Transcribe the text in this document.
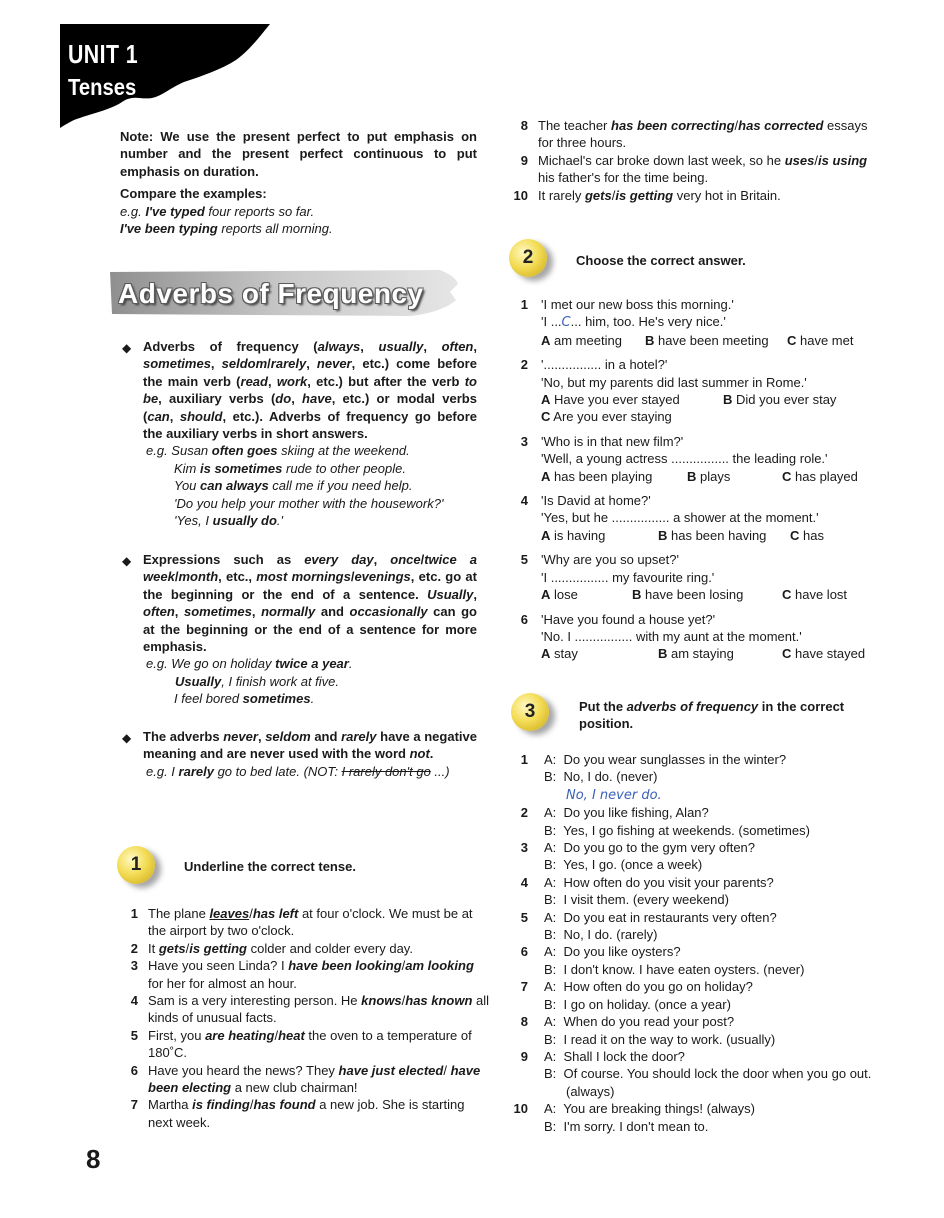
UNIT 1
Tenses

Note: We use the present perfect to put emphasis on number and the present perfect continuous to put emphasis on duration.

Compare the examples:

e.g. I've typed four reports so far.

I've been typing reports all morning.

Adverbs of Frequency
◆ Adverbs of frequency (always, usually, often, sometimes, seldom/rarely, never, etc.) come before the main verb (read, work, etc.) but after the verb to be, auxiliary verbs (do, have, etc.) or modal verbs (can, should, etc.). Adverbs of frequency go before the auxiliary verbs in short answers.
e.g. Susan often goes skiing at the weekend.
Kim is sometimes rude to other people.
You can always call me if you need help.
'Do you help your mother with the housework?'
'Yes, I usually do.'
◆ Expressions such as every day, once/twice a week/month, etc., most mornings/evenings, etc. go at the beginning or the end of a sentence. Usually, often, sometimes, normally and occasionally can go at the beginning or the end of a sentence for more emphasis.
e.g. We go on holiday twice a year.
Usually, I finish work at five.
I feel bored sometimes.
◆ The adverbs never, seldom and rarely have a negative meaning and are never used with the word not.
e.g. I rarely go to bed late. (NOT: I rarely don't go ...)
1	Underline the correct tense.
1 The plane leaves/has left at four o'clock. We must be at the airport by two o'clock.
2 It gets/is getting colder and colder every day.
3 Have you seen Linda? I have been looking/am looking for her for almost an hour.
4 Sam is a very interesting person. He knows/has known all kinds of unusual facts.
5 First, you are heating/heat the oven to a temperature of 180˚C.
6 Have you heard the news? They have just elected/ have been electing a new club chairman!
7 Martha is finding/has found a new job. She is starting next week.
8 The teacher has been correcting/has corrected essays for three hours.
9 Michael's car broke down last week, so he uses/is using his father's for the time being.
10 It rarely gets/is getting very hot in Britain.
2	Choose the correct answer.
1 'I met our new boss this morning.'
'I ...C... him, too. He's very nice.'
A am meeting B have been meeting C have met
2 '................ in a hotel?'
'No, but my parents did last summer in Rome.'
A Have you ever stayed	B Did you ever stay
C Are you ever staying
3 'Who is in that new film?'
'Well, a young actress ................ the leading role.'
A has been playing	B plays	C has played
4 'Is David at home?'
'Yes, but he ................ a shower at the moment.'
A is having	B has been having C has
5 'Why are you so upset?'
'I ................ my favourite ring.'
A lose	B have been losing	C have lost
6 'Have you found a house yet?'
'No. I ................ with my aunt at the moment.'
A stay	B am staying	C have stayed
3	Put the adverbs of frequency in the correct position.
1 A:  Do you wear sunglasses in the winter?
B:  No, I do. (never)
No, I never do.
2 A:  Do you like fishing, Alan?
B:  Yes, I go fishing at weekends. (sometimes)
3 A:  Do you go to the gym very often?
B:  Yes, I go. (once a week)
4 A:  How often do you visit your parents?
B:  I visit them. (every weekend)
5 A:  Do you eat in restaurants very often?
B:  No, I do. (rarely)
6 A:  Do you like oysters?
B:  I don't know. I have eaten oysters. (never)
7 A:  How often do you go on holiday?
B:  I go on holiday. (once a year)
8 A:  When do you read your post?
B:  I read it on the way to work. (usually)
9 A:  Shall I lock the door?

B:  Of course. You should lock the door when you go out. (always)
10 A:  You are breaking things! (always)
B:  I'm sorry. I don't mean to.
8
